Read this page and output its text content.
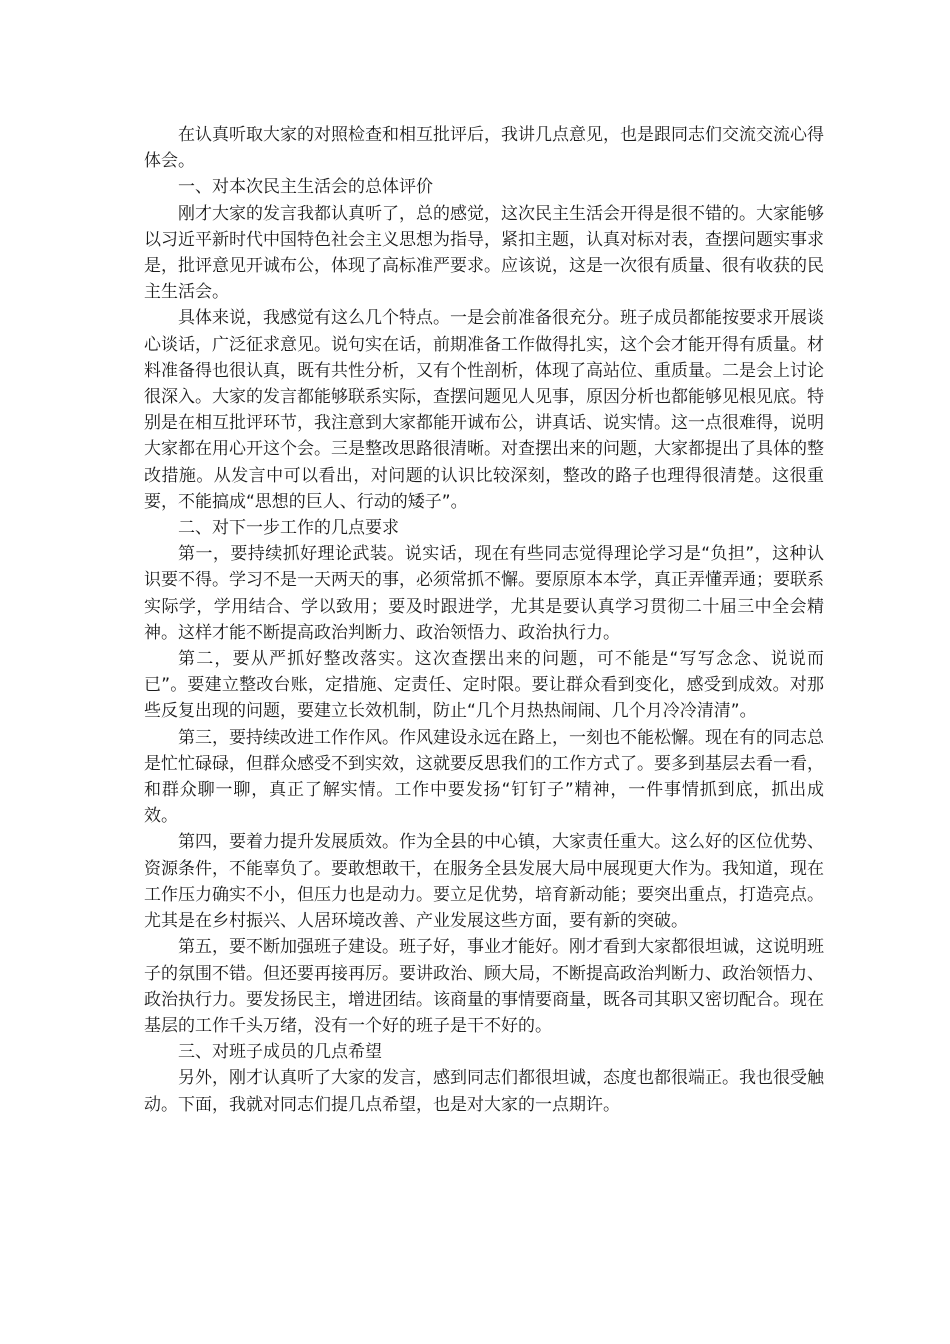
在认真听取大家的对照检查和相互批评后，我讲几点意见，也是跟同志们交流交流心得体会。

一、对本次民主生活会的总体评价

刚才大家的发言我都认真听了，总的感觉，这次民主生活会开得是很不错的。大家能够以习近平新时代中国特色社会主义思想为指导，紧扣主题，认真对标对表，查摆问题实事求是，批评意见开诚布公，体现了高标准严要求。应该说，这是一次很有质量、很有收获的民主生活会。

具体来说，我感觉有这么几个特点。一是会前准备很充分。班子成员都能按要求开展谈心谈话，广泛征求意见。说句实在话，前期准备工作做得扎实，这个会才能开得有质量。材料准备得也很认真，既有共性分析，又有个性剖析，体现了高站位、重质量。二是会上讨论很深入。大家的发言都能够联系实际，查摆问题见人见事，原因分析也都能够见根见底。特别是在相互批评环节，我注意到大家都能开诚布公，讲真话、说实情。这一点很难得，说明大家都在用心开这个会。三是整改思路很清晰。对查摆出来的问题，大家都提出了具体的整改措施。从发言中可以看出，对问题的认识比较深刻，整改的路子也理得很清楚。这很重要，不能搞成“思想的巨人、行动的矮子”。

二、对下一步工作的几点要求

第一，要持续抓好理论武装。说实话，现在有些同志觉得理论学习是“负担”，这种认识要不得。学习不是一天两天的事，必须常抓不懈。要原原本本学，真正弄懂弄通；要联系实际学，学用结合、学以致用；要及时跟进学，尤其是要认真学习贯彻二十届三中全会精神。这样才能不断提高政治判断力、政治领悟力、政治执行力。

第二，要从严抓好整改落实。这次查摆出来的问题，可不能是“写写念念、说说而已”。要建立整改台账，定措施、定责任、定时限。要让群众看到变化，感受到成效。对那些反复出现的问题，要建立长效机制，防止“几个月热热闹闹、几个月冷冷清清”。

第三，要持续改进工作作风。作风建设永远在路上，一刻也不能松懈。现在有的同志总是忙忙碌碌，但群众感受不到实效，这就要反思我们的工作方式了。要多到基层去看一看，和群众聊一聊，真正了解实情。工作中要发扬“钉钉子”精神，一件事情抓到底，抓出成效。

第四，要着力提升发展质效。作为全县的中心镇，大家责任重大。这么好的区位优势、资源条件，不能辜负了。要敢想敢干，在服务全县发展大局中展现更大作为。我知道，现在工作压力确实不小，但压力也是动力。要立足优势，培育新动能；要突出重点，打造亮点。尤其是在乡村振兴、人居环境改善、产业发展这些方面，要有新的突破。

第五，要不断加强班子建设。班子好，事业才能好。刚才看到大家都很坦诚，这说明班子的氛围不错。但还要再接再厉。要讲政治、顾大局，不断提高政治判断力、政治领悟力、政治执行力。要发扬民主，增进团结。该商量的事情要商量，既各司其职又密切配合。现在基层的工作千头万绪，没有一个好的班子是干不好的。

三、对班子成员的几点希望

另外，刚才认真听了大家的发言，感到同志们都很坦诚，态度也都很端正。我也很受触动。下面，我就对同志们提几点希望，也是对大家的一点期许。
